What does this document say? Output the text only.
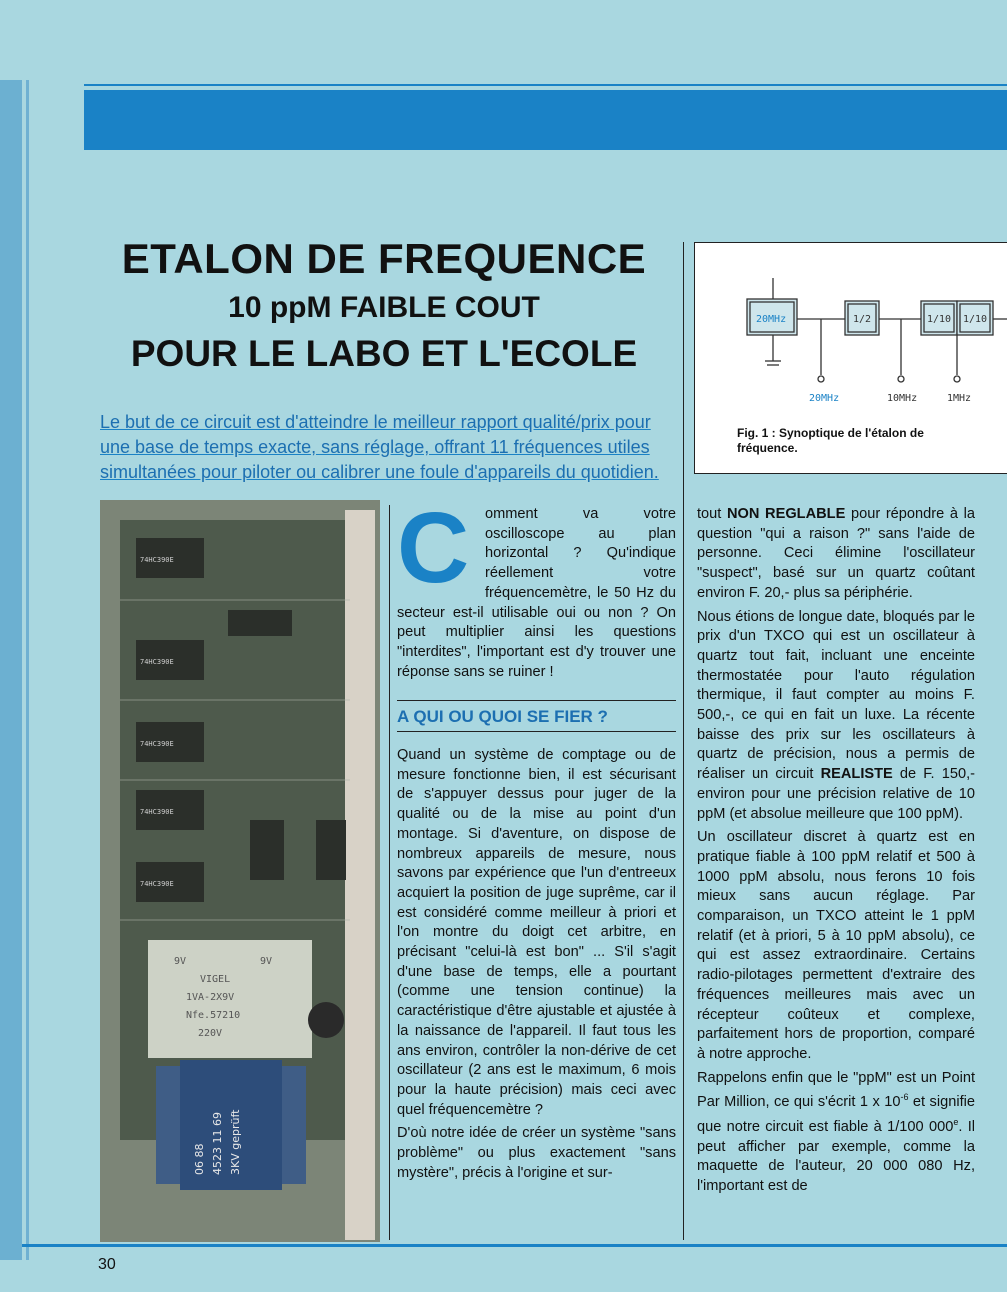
ETALON DE FREQUENCE
10 ppM FAIBLE COUT
POUR LE LABO ET L'ECOLE
Le but de ce circuit est d'atteindre le meilleur rapport qualité/prix pour une base de temps exacte, sans réglage, offrant 11 fréquences utiles simultanées pour piloter ou calibrer une foule d'appareils du quotidien.
20MHz	1/2	1/10 1/10
20MHz	10MHz	1MHz
Fig. 1 : Synoptique de l'étalon de fréquence.
74HC390E
74HC390E
74HC390E
74HC390E
74HC390E
9V	9V
VIGEL
1VA-2X9V
Nfe.57210
220V
06 88 4523 11 69 3KV geprüft
C	omment va votre oscilloscope au plan horizontal ? Qu'indique réellement votre fréquencemètre, le 50 Hz du secteur est-il utilisable oui ou non ? On peut multiplier ainsi les questions "interdites", l'important est d'y trouver une réponse sans se ruiner !

A QUI OU QUOI SE FIER ?

Quand un système de comptage ou de mesure fonctionne bien, il est sécurisant de s'appuyer dessus pour juger de la qualité ou de la mise au point d'un montage. Si d'aventure, on dispose de nombreux appareils de mesure, nous savons par expérience que l'un d'entreeux acquiert la position de juge suprême, car il est considéré comme meilleur à priori et l'on montre du doigt cet arbitre, en précisant "celui-là est bon" ... S'il s'agit d'une base de temps, elle a pourtant (comme une tension continue) la caractéristique d'être ajustable et ajustée à la naissance de l'appareil. Il faut tous les ans environ, contrôler la non-dérive de cet oscillateur (2 ans est le maximum, 6 mois pour la haute précision) mais ceci avec quel fréquencemètre ?

D'où notre idée de créer un système "sans problème" ou plus exactement "sans mystère", précis à l'origine et sur-

tout NON REGLABLE pour répondre à la question "qui a raison ?" sans l'aide de personne. Ceci élimine l'oscillateur "suspect", basé sur un quartz coûtant environ F. 20,- plus sa périphérie.

Nous étions de longue date, bloqués par le prix d'un TXCO qui est un oscillateur à quartz tout fait, incluant une enceinte thermostatée pour l'auto régulation thermique, il faut compter au moins F. 500,-, ce qui en fait un luxe. La récente baisse des prix sur les oscillateurs à quartz de précision, nous a permis de réaliser un circuit REALISTE de F. 150,- environ pour une précision relative de 10 ppM (et absolue meilleure que 100 ppM).

Un oscillateur discret à quartz est en pratique fiable à 100 ppM relatif et 500 à 1000 ppM absolu, nous ferons 10 fois mieux sans aucun réglage. Par comparaison, un TXCO atteint le 1 ppM relatif (et à priori, 5 à 10 ppM absolu), ce qui est assez extraordinaire. Certains radio-pilotages permettent d'extraire des fréquences meilleures mais avec un récepteur coûteux et complexe, parfaitement hors de proportion, comparé à notre approche.

Rappelons enfin que le "ppM" est un Point Par Million, ce qui s'écrit 1 x $10^{-6}$ et signifie que notre circuit est fiable à 1/100 000e. Il peut afficher par exemple, comme la maquette de l'auteur, 20 000 080 Hz, l'important est de

30
